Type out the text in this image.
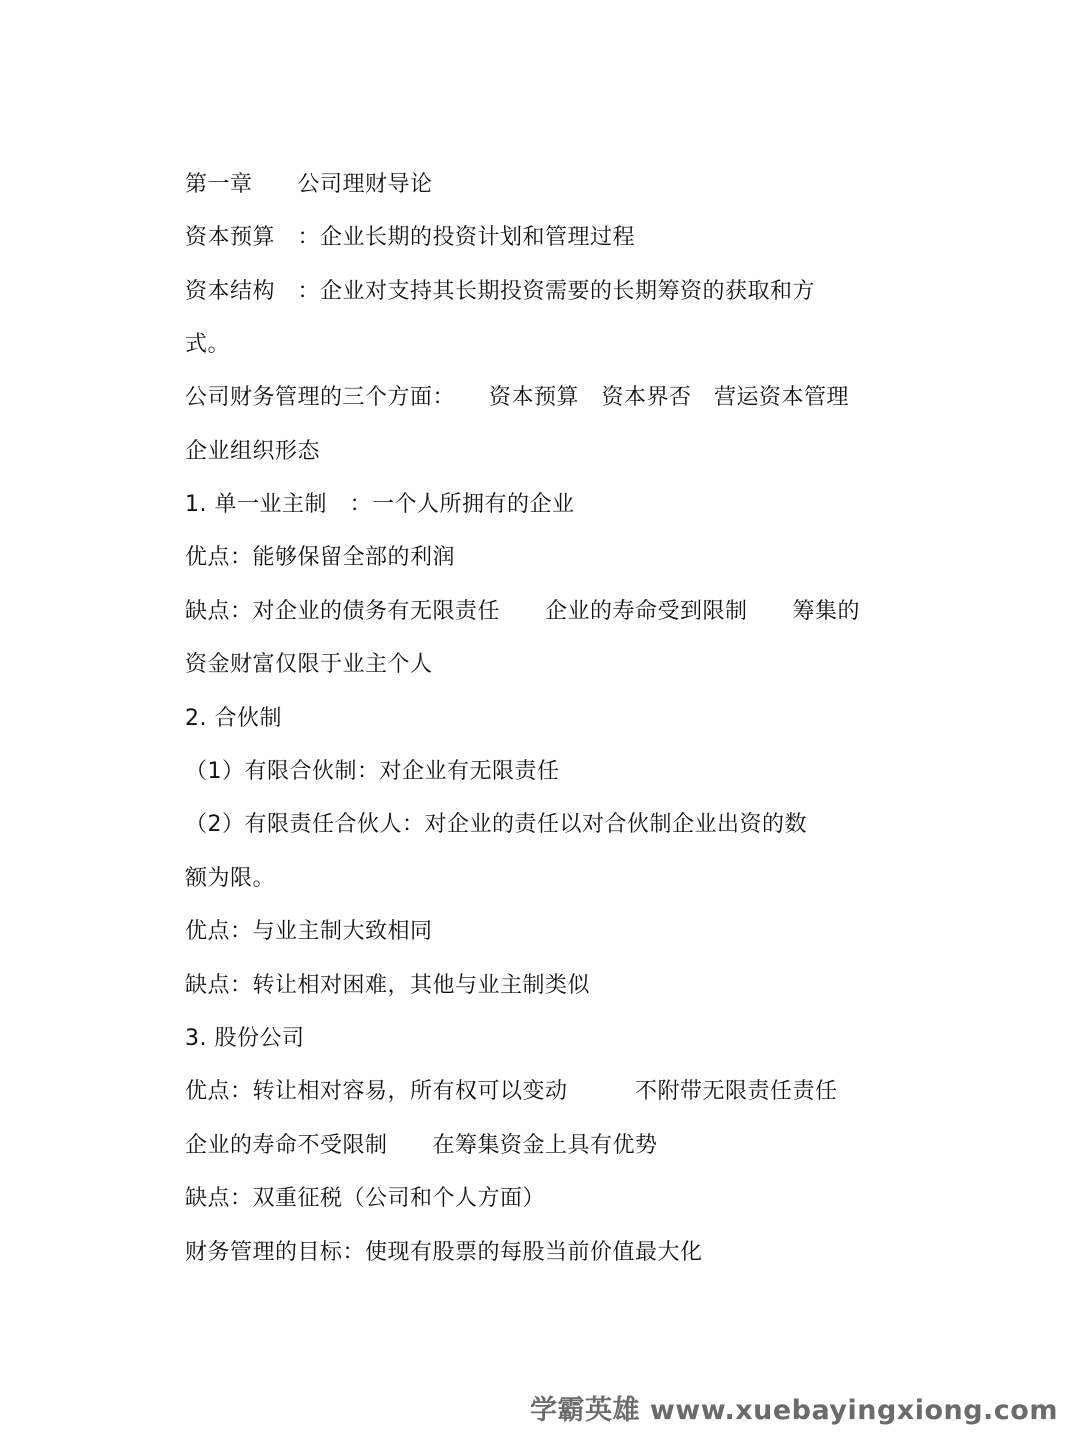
第一章　　公司理财导论
资本预算　：企业长期的投资计划和管理过程
资本结构　：企业对支持其长期投资需要的长期筹资的获取和方
式。
公司财务管理的三个方面：　　资本预算　资本界否　营运资本管理
企业组织形态
1. 单一业主制　：一个人所拥有的企业
优点：能够保留全部的利润
缺点：对企业的债务有无限责任　　企业的寿命受到限制　　筹集的
资金财富仅限于业主个人
2. 合伙制
（1）有限合伙制：对企业有无限责任
（2）有限责任合伙人：对企业的责任以对合伙制企业出资的数
额为限。
优点：与业主制大致相同
缺点：转让相对困难，其他与业主制类似
3. 股份公司
优点：转让相对容易，所有权可以变动　　　不附带无限责任责任
企业的寿命不受限制　　在筹集资金上具有优势
缺点：双重征税（公司和个人方面）
财务管理的目标：使现有股票的每股当前价值最大化
学霸英雄 www.xuebayingxiong.com
